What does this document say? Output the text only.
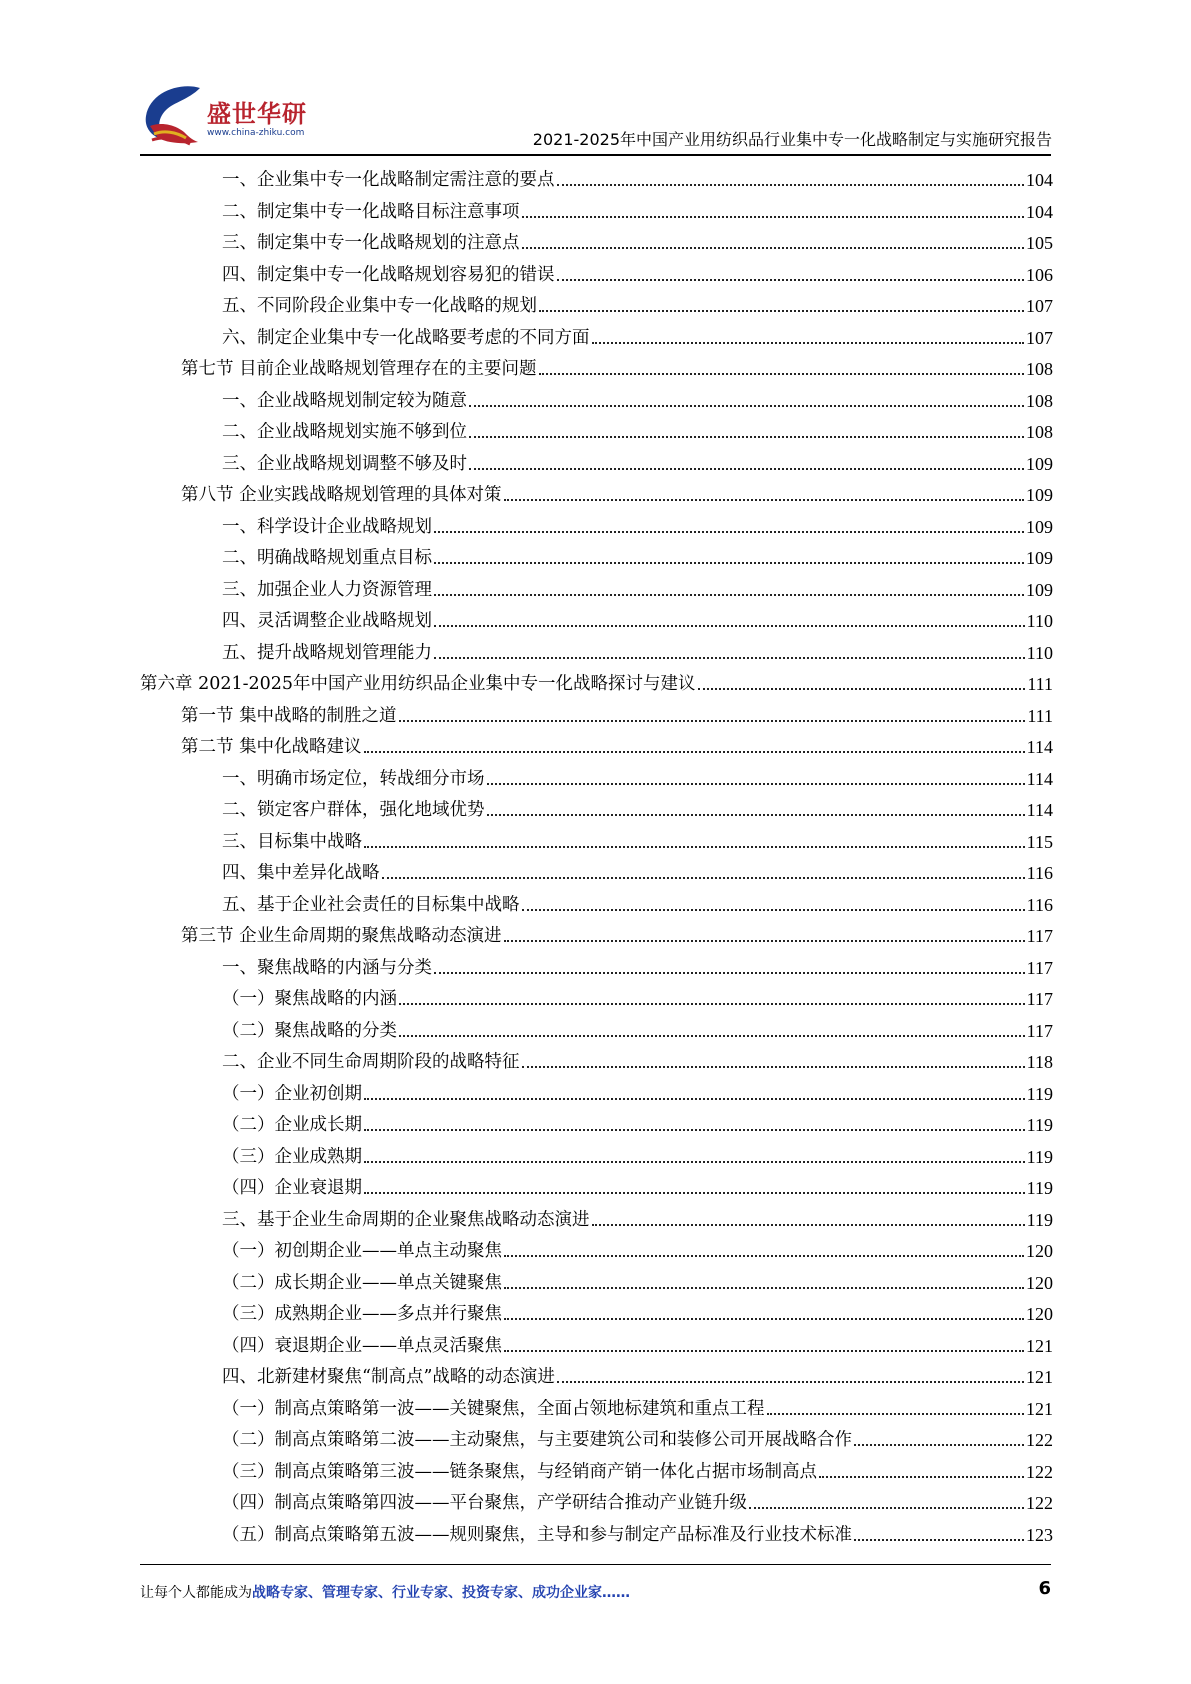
盛世华研
www.china-zhiku.com	2021-2025年中国产业用纺织品行业集中专一化战略制定与实施研究报告
一、企业集中专一化战略制定需注意的要点	104
二、制定集中专一化战略目标注意事项	104
三、制定集中专一化战略规划的注意点	105
四、制定集中专一化战略规划容易犯的错误	106
五、不同阶段企业集中专一化战略的规划	107
六、制定企业集中专一化战略要考虑的不同方面	107
第七节 目前企业战略规划管理存在的主要问题	108
一、企业战略规划制定较为随意	108
二、企业战略规划实施不够到位	108
三、企业战略规划调整不够及时	109
第八节 企业实践战略规划管理的具体对策	109
一、科学设计企业战略规划	109
二、明确战略规划重点目标	109
三、加强企业人力资源管理	109
四、灵活调整企业战略规划	110
五、提升战略规划管理能力	110
第六章 2021-2025年中国产业用纺织品企业集中专一化战略探讨与建议	111
第一节 集中战略的制胜之道	111
第二节 集中化战略建议	114
一、明确市场定位，转战细分市场	114
二、锁定客户群体，强化地域优势	114
三、目标集中战略	115
四、集中差异化战略	116
五、基于企业社会责任的目标集中战略	116
第三节 企业生命周期的聚焦战略动态演进	117
一、聚焦战略的内涵与分类	117
（一）聚焦战略的内涵	117
（二）聚焦战略的分类	117
二、企业不同生命周期阶段的战略特征	118
（一）企业初创期	119
（二）企业成长期	119
（三）企业成熟期	119
（四）企业衰退期	119
三、基于企业生命周期的企业聚焦战略动态演进	119
（一）初创期企业——单点主动聚焦	120
（二）成长期企业——单点关键聚焦	120
（三）成熟期企业——多点并行聚焦	120
（四）衰退期企业——单点灵活聚焦	121
四、北新建材聚焦“制高点”战略的动态演进	121
（一）制高点策略第一波——关键聚焦，全面占领地标建筑和重点工程	121
（二）制高点策略第二波——主动聚焦，与主要建筑公司和装修公司开展战略合作	122
（三）制高点策略第三波——链条聚焦，与经销商产销一体化占据市场制高点	122
（四）制高点策略第四波——平台聚焦，产学研结合推动产业链升级	122
（五）制高点策略第五波——规则聚焦，主导和参与制定产品标准及行业技术标准	123
让每个人都能成为战略专家、管理专家、行业专家、投资专家、成功企业家……	6
